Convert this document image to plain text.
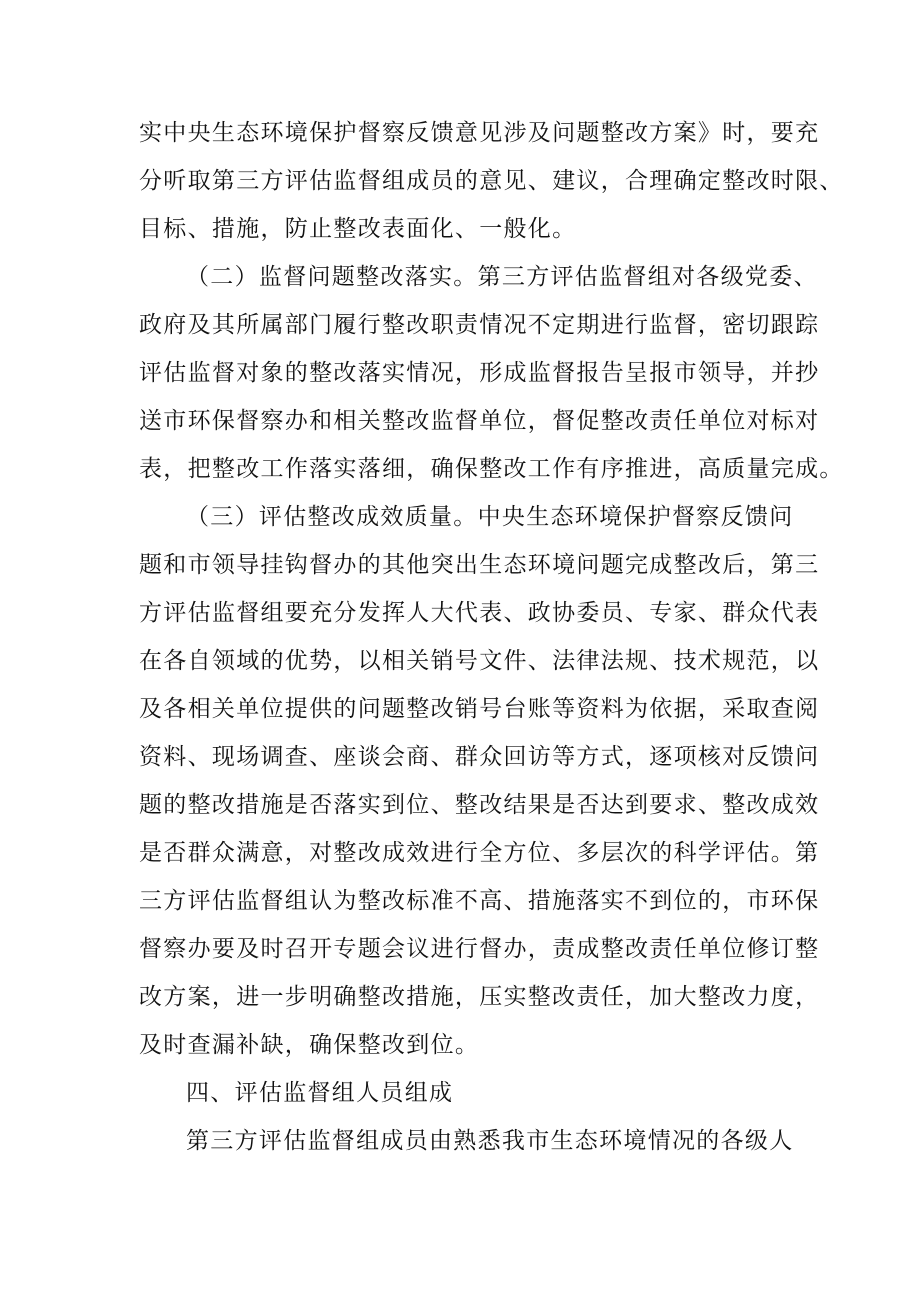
实中央生态环境保护督察反馈意见涉及问题整改方案》时，要充
分听取第三方评估监督组成员的意见、建议，合理确定整改时限、
目标、措施，防止整改表面化、一般化。
（二）监督问题整改落实。第三方评估监督组对各级党委、
政府及其所属部门履行整改职责情况不定期进行监督，密切跟踪
评估监督对象的整改落实情况，形成监督报告呈报市领导，并抄
送市环保督察办和相关整改监督单位，督促整改责任单位对标对
表，把整改工作落实落细，确保整改工作有序推进，高质量完成。
（三）评估整改成效质量。中央生态环境保护督察反馈问
题和市领导挂钩督办的其他突出生态环境问题完成整改后，第三
方评估监督组要充分发挥人大代表、政协委员、专家、群众代表
在各自领域的优势，以相关销号文件、法律法规、技术规范，以
及各相关单位提供的问题整改销号台账等资料为依据，采取查阅
资料、现场调查、座谈会商、群众回访等方式，逐项核对反馈问
题的整改措施是否落实到位、整改结果是否达到要求、整改成效
是否群众满意，对整改成效进行全方位、多层次的科学评估。第
三方评估监督组认为整改标准不高、措施落实不到位的，市环保
督察办要及时召开专题会议进行督办，责成整改责任单位修订整
改方案，进一步明确整改措施，压实整改责任，加大整改力度，
及时查漏补缺，确保整改到位。
四、评估监督组人员组成
第三方评估监督组成员由熟悉我市生态环境情况的各级人
